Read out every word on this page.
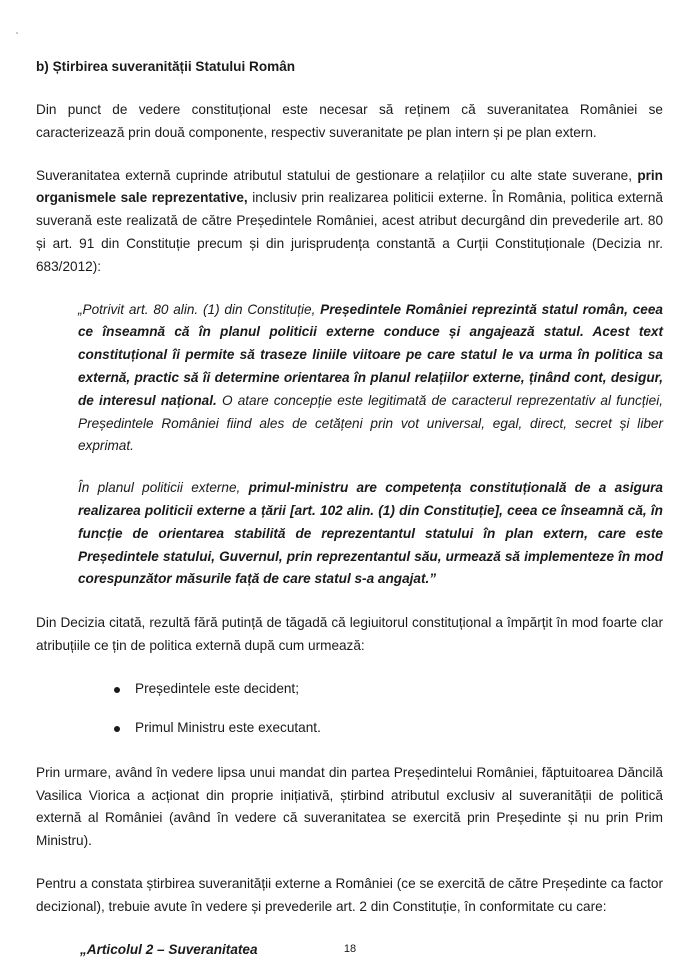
b) Știrbirea suveranității Statului Român

Din punct de vedere constituțional este necesar să reținem că suveranitatea României se caracterizează prin două componente, respectiv suveranitate pe plan intern și pe plan extern.

Suveranitatea externă cuprinde atributul statului de gestionare a relațiilor cu alte state suverane, prin organismele sale reprezentative, inclusiv prin realizarea politicii externe. În România, politica externă suverană este realizată de către Președintele României, acest atribut decurgând din prevederile art. 80 și art. 91 din Constituție precum și din jurisprudența constantă a Curții Constituționale (Decizia nr. 683/2012):

„Potrivit art. 80 alin. (1) din Constituție, Președintele României reprezintă statul român, ceea ce înseamnă că în planul politicii externe conduce și angajează statul. Acest text constituțional îi permite să traseze liniile viitoare pe care statul le va urma în politica sa externă, practic să îi determine orientarea în planul relațiilor externe, ținând cont, desigur, de interesul național. O atare concepție este legitimată de caracterul reprezentativ al funcției, Președintele României fiind ales de cetățeni prin vot universal, egal, direct, secret și liber exprimat.

În planul politicii externe, primul-ministru are competența constituțională de a asigura realizarea politicii externe a țării [art. 102 alin. (1) din Constituție], ceea ce înseamnă că, în funcție de orientarea stabilită de reprezentantul statului în plan extern, care este Președintele statului, Guvernul, prin reprezentantul său, urmează să implementeze în mod corespunzător măsurile față de care statul s-a angajat.”

Din Decizia citată, rezultă fără putință de tăgadă că legiuitorul constituțional a împărțit în mod foarte clar atribuțiile ce țin de politica externă după cum urmează:

Președintele este decident;
Primul Ministru este executant.

Prin urmare, având în vedere lipsa unui mandat din partea Președintelui României, făptuitoarea Dăncilă Vasilica Viorica a acționat din proprie inițiativă, știrbind atributul exclusiv al suveranității de politică externă al României (având în vedere că suveranitatea se exercită prin Președinte și nu prin Prim Ministru).

Pentru a constata știrbirea suveranității externe a României (ce se exercită de către Președinte ca factor decizional), trebuie avute în vedere și prevederile art. 2 din Constituție, în conformitate cu care:

„Articolul 2 – Suveranitatea	18
